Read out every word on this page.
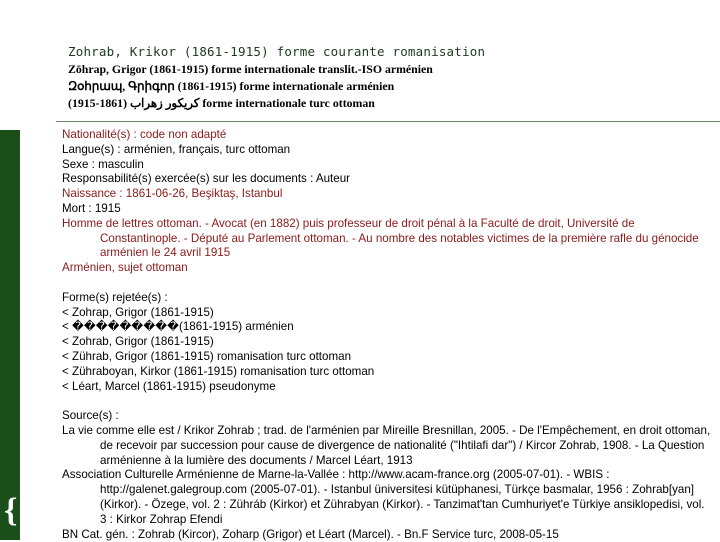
{
Zohrab, Krikor (1861-1915) forme courante romanisation
Zōhrap, Grigor (1861-1915) forme internationale translit.-ISO arménien
Զօհրապ, Գրիգոր (1861-1915) forme internationale arménien
كريكور زهراب (1861-1915) forme internationale turc ottoman
Nationalité(s) : code non adapté
Langue(s) : arménien, français, turc ottoman
Sexe : masculin
Responsabilité(s) exercée(s) sur les documents : Auteur
Naissance : 1861-06-26, Beşiktaş, Istanbul
Mort : 1915
Homme de lettres ottoman. - Avocat (en 1882) puis professeur de droit pénal à la Faculté de droit, Université de Constantinople. - Député au Parlement ottoman. - Au nombre des notables victimes de la première rafle du génocide arménien le 24 avril 1915
Arménien, sujet ottoman
Forme(s) rejetée(s) :
< Zohrap, Grigor (1861-1915)
< ���������(1861-1915) arménien
< Zohrab, Grigor (1861-1915)
< Zührab, Grigor (1861-1915) romanisation turc ottoman
< Zühraboyan, Kirkor (1861-1915) romanisation turc ottoman
< Léart, Marcel (1861-1915) pseudonyme
Source(s) :
La vie comme elle est / Krikor Zohrab ; trad. de l'arménien par Mireille Bresnillan, 2005. - De l'Empêchement, en droit ottoman, de recevoir par succession pour cause de divergence de nationalité ("Ihtilafi dar") / Kircor Zohrab, 1908. - La Question arménienne à la lumière des documents / Marcel Léart, 1913
Association Culturelle Arménienne de Marne-la-Vallée : http://www.acam-france.org (2005-07-01). - WBIS : http://galenet.galegroup.com (2005-07-01). - Istanbul üniversitesi kütüphanesi, Türkçe basmalar, 1956 : Zohrab[yan] (Kirkor). - Özege, vol. 2 : Zühráb (Kirkor) et Zührabyan (Kirkor). - Tanzimat'tan Cumhuriyet'e Türkiye ansiklopedisi, vol. 3 : Kirkor Zohrap Efendi
BN Cat. gén. : Zohrab (Kircor), Zoharp (Grigor) et Léart (Marcel). - Bn.F Service turc, 2008-05-15
